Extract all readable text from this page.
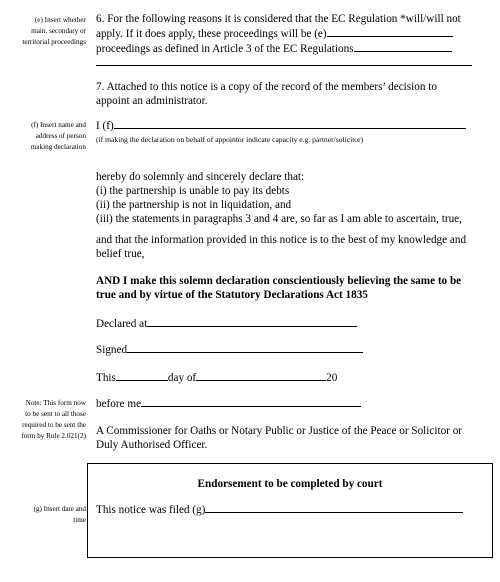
(e) Insert whether
main, secondary or
territorial proceedings
(f) Insert name and
address of person
making declaration
Note: This form now
to be sent to all those
required to be sent the
form by Rule 2.021(2)
(g) Insert date and
time
6. For the following reasons it is considered that the EC Regulation *will/will not
apply. If it does apply, these proceedings will be (e)
proceedings as defined in Article 3 of the EC Regulations
7. Attached to this notice is a copy of the record of the members’ decision to
appoint an administrator.
I (f)
(if making the declaration on behalf of appointor indicate capacity e.g. partner/solicitor)
hereby do solemnly and sincerely declare that:
(i) the partnership is unable to pay its debts
(ii) the partnership is not in liquidation, and
(iii) the statements in paragraphs 3 and 4 are, so far as I am able to ascertain, true,
and that the information provided in this notice is to the best of my knowledge and
belief true,
AND I make this solemn declaration conscientiously believing the same to be
true and by virtue of the Statutory Declarations Act 1835
Declared at
Signed
This	day of	20
before me
A Commissioner for Oaths or Notary Public or Justice of the Peace or Solicitor or
Duly Authorised Officer.
Endorsement to be completed by court
This notice was filed (g)
